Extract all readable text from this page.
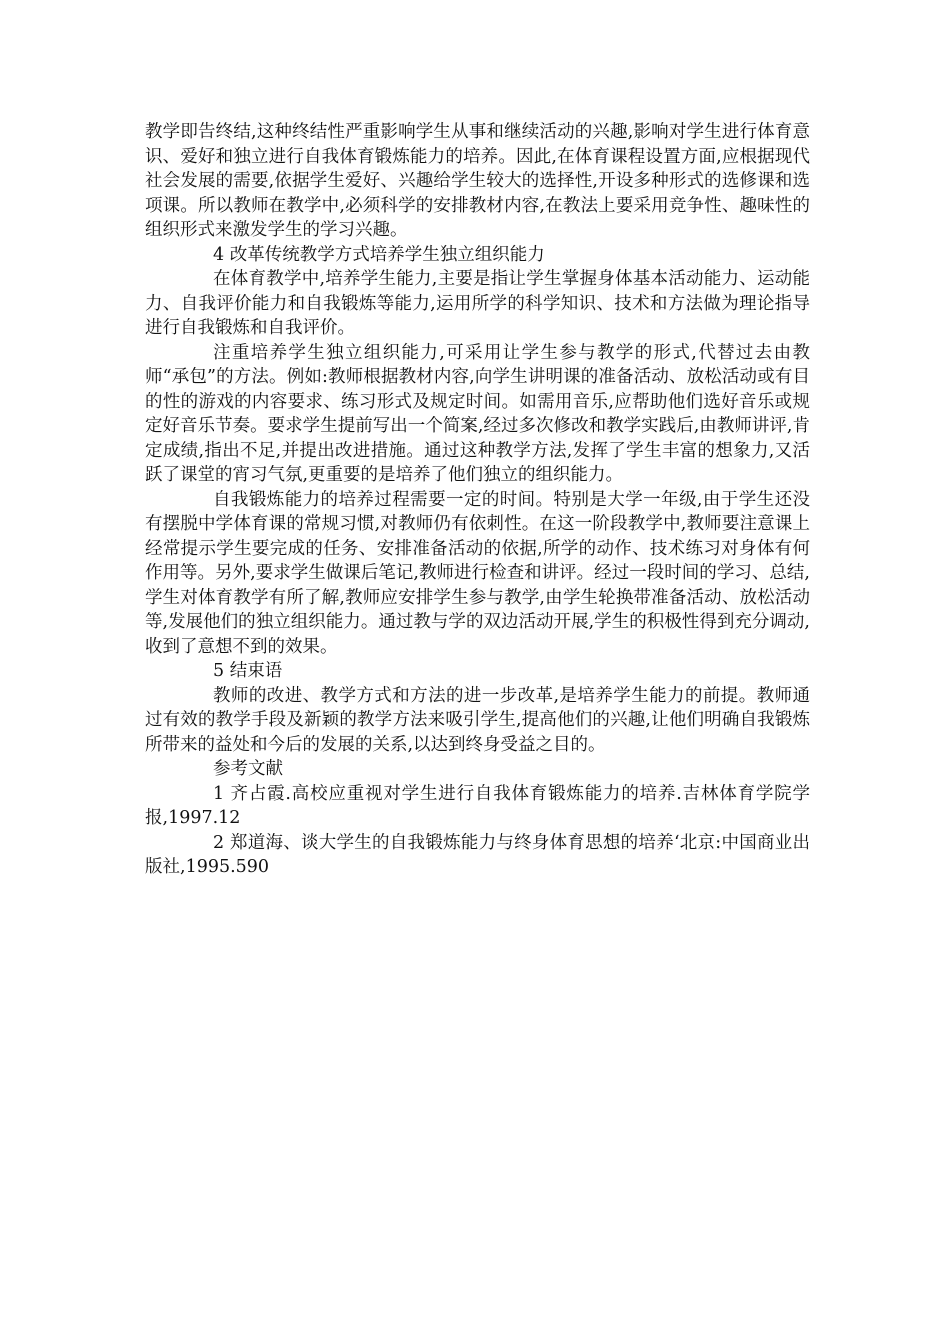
教学即告终结,这种终结性严重影响学生从事和继续活动的兴趣,影响对学生进行体育意识、爱好和独立进行自我体育锻炼能力的培养。因此,在体育课程设置方面,应根据现代社会发展的需要,依据学生爱好、兴趣给学生较大的选择性,开设多种形式的选修课和选项课。所以教师在教学中,必须科学的安排教材内容,在教法上要采用竞争性、趣味性的组织形式来激发学生的学习兴趣。

4 改革传统教学方式培养学生独立组织能力

在体育教学中,培养学生能力,主要是指让学生掌握身体基本活动能力、运动能力、自我评价能力和自我锻炼等能力,运用所学的科学知识、技术和方法做为理论指导进行自我锻炼和自我评价。

注重培养学生独立组织能力,可采用让学生参与教学的形式,代替过去由教师“承包”的方法。例如:教师根据教材内容,向学生讲明课的准备活动、放松活动或有目的性的游戏的内容要求、练习形式及规定时间。如需用音乐,应帮助他们选好音乐或规定好音乐节奏。要求学生提前写出一个简案,经过多次修改和教学实践后,由教师讲评,肯定成绩,指出不足,并提出改进措施。通过这种教学方法,发挥了学生丰富的想象力,又活跃了课堂的宵习气氛,更重要的是培养了他们独立的组织能力。

自我锻炼能力的培养过程需要一定的时间。特别是大学一年级,由于学生还没有摆脱中学体育课的常规习惯,对教师仍有依刺性。在这一阶段教学中,教师要注意课上经常提示学生要完成的任务、安排准备活动的依据,所学的动作、技术练习对身体有何作用等。另外,要求学生做课后笔记,教师进行检查和讲评。经过一段时间的学习、总结,学生对体育教学有所了解,教师应安排学生参与教学,由学生轮换带准备活动、放松活动等,发展他们的独立组织能力。通过教与学的双边活动开展,学生的积极性得到充分调动,收到了意想不到的效果。

5 结束语

教师的改进、教学方式和方法的进一步改革,是培养学生能力的前提。教师通过有效的教学手段及新颖的教学方法来吸引学生,提高他们的兴趣,让他们明确自我锻炼所带来的益处和今后的发展的关系,以达到终身受益之目的。

参考文献

1 齐占霞.高校应重视对学生进行自我体育锻炼能力的培养.吉林体育学院学报,1997.12

2 郑道海、谈大学生的自我锻炼能力与终身体育思想的培养‘北京:中国商业出版社,1995.590
